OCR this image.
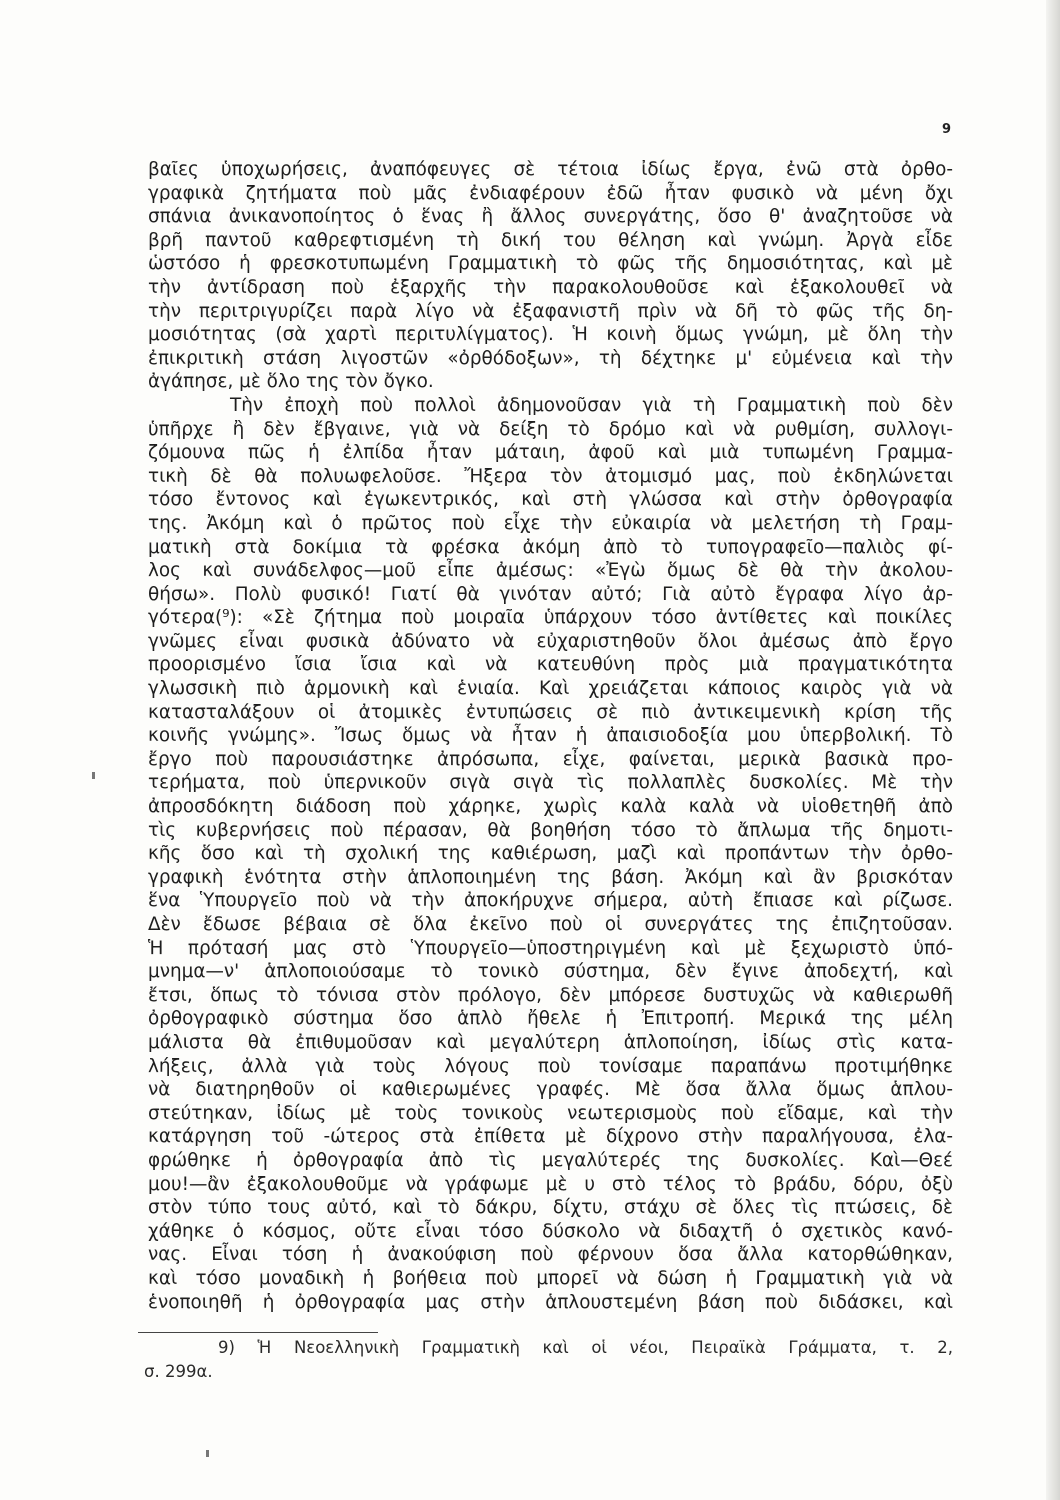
9
βαῖες ὑποχωρήσεις, ἀναπόφευγες σὲ τέτοια ἰδίως ἔργα, ἐνῶ στὰ ὀρθο-
γραφικὰ ζητήματα ποὺ μᾶς ἐνδιαφέρουν ἐδῶ ἦταν φυσικὸ νὰ μένη ὄχι
σπάνια ἀνικανοποίητος ὁ ἕνας ἢ ἄλλος συνεργάτης, ὅσο θ' ἀναζητοῦσε νὰ
βρῆ παντοῦ καθρεφτισμένη τὴ δική του θέληση καὶ γνώμη. Ἀργὰ εἶδε
ὡστόσο ἡ φρεσκοτυπωμένη Γραμματικὴ τὸ φῶς τῆς δημοσιότητας, καὶ μὲ
τὴν ἀντίδραση ποὺ ἐξαρχῆς τὴν παρακολουθοῦσε καὶ ἐξακολουθεῖ νὰ
τὴν περιτριγυρίζει παρὰ λίγο νὰ ἐξαφανιστῆ πρὶν νὰ δῆ τὸ φῶς τῆς δη-
μοσιότητας (σὰ χαρτὶ περιτυλίγματος). Ἡ κοινὴ ὅμως γνώμη, μὲ ὅλη τὴν
ἐπικριτικὴ στάση λιγοστῶν «ὀρθόδοξων», τὴ δέχτηκε μ' εὐμένεια καὶ τὴν
ἀγάπησε, μὲ ὅλο της τὸν ὄγκο.
Τὴν ἐποχὴ ποὺ πολλοὶ ἀδημονοῦσαν γιὰ τὴ Γραμματικὴ ποὺ δὲν
ὑπῆρχε ἢ δὲν ἔβγαινε, γιὰ νὰ δείξη τὸ δρόμο καὶ νὰ ρυθμίση, συλλογι-
ζόμουνα πῶς ἡ ἐλπίδα ἦταν μάταιη, ἀφοῦ καὶ μιὰ τυπωμένη Γραμμα-
τικὴ δὲ θὰ πολυωφελοῦσε. Ἤξερα τὸν ἀτομισμό μας, ποὺ ἐκδηλώνεται
τόσο ἔντονος καὶ ἐγωκεντρικός, καὶ στὴ γλώσσα καὶ στὴν ὀρθογραφία
της. Ἀκόμη καὶ ὁ πρῶτος ποὺ εἶχε τὴν εὐκαιρία νὰ μελετήση τὴ Γραμ-
ματικὴ στὰ δοκίμια τὰ φρέσκα ἀκόμη ἀπὸ τὸ τυπογραφεῖο—παλιὸς φί-
λος καὶ συνάδελφος—μοῦ εἶπε ἀμέσως: «Ἐγὼ ὅμως δὲ θὰ τὴν ἀκολου-
θήσω». Πολὺ φυσικό! Γιατί θὰ γινόταν αὐτό; Γιὰ αὐτὸ ἔγραφα λίγο ἀρ-
γότερα(⁹): «Σὲ ζήτημα ποὺ μοιραῖα ὑπάρχουν τόσο ἀντίθετες καὶ ποικίλες
γνῶμες εἶναι φυσικὰ ἀδύνατο νὰ εὐχαριστηθοῦν ὅλοι ἀμέσως ἀπὸ ἔργο
προορισμένο ἴσια ἴσια καὶ νὰ κατευθύνη πρὸς μιὰ πραγματικότητα
γλωσσικὴ πιὸ ἁρμονικὴ καὶ ἑνιαία. Καὶ χρειάζεται κάποιος καιρὸς γιὰ νὰ
κατασταλάξουν οἱ ἀτομικὲς ἐντυπώσεις σὲ πιὸ ἀντικειμενικὴ κρίση τῆς
κοινῆς γνώμης». Ἴσως ὅμως νὰ ἦταν ἡ ἀπαισιοδοξία μου ὑπερβολική. Τὸ
ἔργο ποὺ παρουσιάστηκε ἀπρόσωπα, εἶχε, φαίνεται, μερικὰ βασικὰ προ-
τερήματα, ποὺ ὑπερνικοῦν σιγὰ σιγὰ τὶς πολλαπλὲς δυσκολίες. Μὲ τὴν
ἀπροσδόκητη διάδοση ποὺ χάρηκε, χωρὶς καλὰ καλὰ νὰ υἱοθετηθῆ ἀπὸ
τὶς κυβερνήσεις ποὺ πέρασαν, θὰ βοηθήση τόσο τὸ ἄπλωμα τῆς δημοτι-
κῆς ὅσο καὶ τὴ σχολική της καθιέρωση, μαζὶ καὶ προπάντων τὴν ὀρθο-
γραφικὴ ἑνότητα στὴν ἁπλοποιημένη της βάση. Ἀκόμη καὶ ἂν βρισκόταν
ἕνα Ὑπουργεῖο ποὺ νὰ τὴν ἀποκήρυχνε σήμερα, αὐτὴ ἔπιασε καὶ ρίζωσε.
Δὲν ἔδωσε βέβαια σὲ ὅλα ἐκεῖνο ποὺ οἱ συνεργάτες της ἐπιζητοῦσαν.
Ἡ πρότασή μας στὸ Ὑπουργεῖο—ὑποστηριγμένη καὶ μὲ ξεχωριστὸ ὑπό-
μνημα—ν' ἁπλοποιούσαμε τὸ τονικὸ σύστημα, δὲν ἔγινε ἀποδεχτή, καὶ
ἔτσι, ὅπως τὸ τόνισα στὸν πρόλογο, δὲν μπόρεσε δυστυχῶς νὰ καθιερωθῆ
ὀρθογραφικὸ σύστημα ὅσο ἁπλὸ ἤθελε ἡ Ἐπιτροπή. Μερικά της μέλη
μάλιστα θὰ ἐπιθυμοῦσαν καὶ μεγαλύτερη ἁπλοποίηση, ἰδίως στὶς κατα-
λήξεις, ἀλλὰ γιὰ τοὺς λόγους ποὺ τονίσαμε παραπάνω προτιμήθηκε
νὰ διατηρηθοῦν οἱ καθιερωμένες γραφές. Μὲ ὅσα ἄλλα ὅμως ἁπλου-
στεύτηκαν, ἰδίως μὲ τοὺς τονικοὺς νεωτερισμοὺς ποὺ εἴδαμε, καὶ τὴν
κατάργηση τοῦ -ώτερος στὰ ἐπίθετα μὲ δίχρονο στὴν παραλήγουσα, ἐλα-
φρώθηκε ἡ ὀρθογραφία ἀπὸ τὶς μεγαλύτερές της δυσκολίες. Καὶ—Θεέ
μου!—ἂν ἐξακολουθοῦμε νὰ γράφωμε μὲ υ στὸ τέλος τὸ βράδυ, δόρυ, ὀξὺ
στὸν τύπο τους αὐτό, καὶ τὸ δάκρυ, δίχτυ, στάχυ σὲ ὅλες τὶς πτώσεις, δὲ
χάθηκε ὁ κόσμος, οὔτε εἶναι τόσο δύσκολο νὰ διδαχτῆ ὁ σχετικὸς κανό-
νας. Εἶναι τόση ἡ ἀνακούφιση ποὺ φέρνουν ὅσα ἄλλα κατορθώθηκαν,
καὶ τόσο μοναδικὴ ἡ βοήθεια ποὺ μπορεῖ νὰ δώση ἡ Γραμματικὴ γιὰ νὰ
ἑνοποιηθῆ ἡ ὀρθογραφία μας στὴν ἁπλουστεμένη βάση ποὺ διδάσκει, καὶ
9) Ἡ Νεοελληνικὴ Γραμματικὴ καὶ οἱ νέοι, Πειραϊκὰ Γράμματα, τ. 2,
σ. 299α.
